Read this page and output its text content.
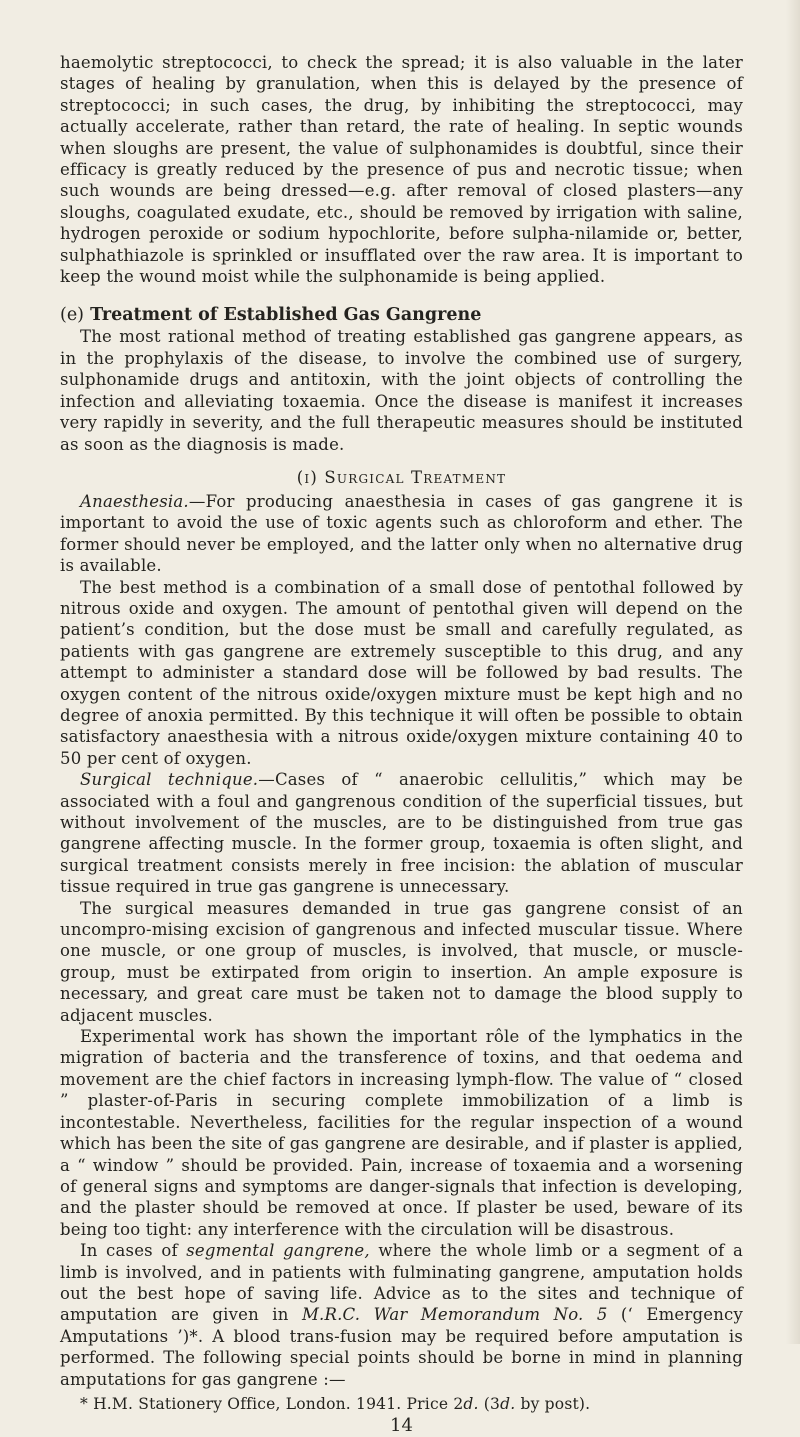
haemolytic streptococci, to check the spread; it is also valuable in the later stages of healing by granulation, when this is delayed by the presence of streptococci; in such cases, the drug, by inhibiting the streptococci, may actually accelerate, rather than retard, the rate of healing. In septic wounds when sloughs are present, the value of sulphonamides is doubtful, since their efficacy is greatly reduced by the presence of pus and necrotic tissue; when such wounds are being dressed—e.g. after removal of closed plasters—any sloughs, coagulated exudate, etc., should be removed by irrigation with saline, hydrogen peroxide or sodium hypochlorite, before sulpha-nilamide or, better, sulphathiazole is sprinkled or insufflated over the raw area. It is important to keep the wound moist while the sulphonamide is being applied.

(e) Treatment of Established Gas Gangrene

The most rational method of treating established gas gangrene appears, as in the prophylaxis of the disease, to involve the combined use of surgery, sulphonamide drugs and antitoxin, with the joint objects of controlling the infection and alleviating toxaemia. Once the disease is manifest it increases very rapidly in severity, and the full therapeutic measures should be instituted as soon as the diagnosis is made.

(i) Surgical Treatment

Anaesthesia.—For producing anaesthesia in cases of gas gangrene it is important to avoid the use of toxic agents such as chloroform and ether. The former should never be employed, and the latter only when no alternative drug is available.

The best method is a combination of a small dose of pentothal followed by nitrous oxide and oxygen. The amount of pentothal given will depend on the patient’s condition, but the dose must be small and carefully regulated, as patients with gas gangrene are extremely susceptible to this drug, and any attempt to administer a standard dose will be followed by bad results. The oxygen content of the nitrous oxide/oxygen mixture must be kept high and no degree of anoxia permitted. By this technique it will often be possible to obtain satisfactory anaesthesia with a nitrous oxide/oxygen mixture containing 40 to 50 per cent of oxygen.

Surgical technique.—Cases of “ anaerobic cellulitis,” which may be associated with a foul and gangrenous condition of the superficial tissues, but without involvement of the muscles, are to be distinguished from true gas gangrene affecting muscle. In the former group, toxaemia is often slight, and surgical treatment consists merely in free incision: the ablation of muscular tissue required in true gas gangrene is unnecessary.

The surgical measures demanded in true gas gangrene consist of an uncompro-mising excision of gangrenous and infected muscular tissue. Where one muscle, or one group of muscles, is involved, that muscle, or muscle-group, must be extirpated from origin to insertion. An ample exposure is necessary, and great care must be taken not to damage the blood supply to adjacent muscles.

Experimental work has shown the important rôle of the lymphatics in the migration of bacteria and the transference of toxins, and that oedema and movement are the chief factors in increasing lymph-flow. The value of “ closed ” plaster-of-Paris in securing complete immobilization of a limb is incontestable. Nevertheless, facilities for the regular inspection of a wound which has been the site of gas gangrene are desirable, and if plaster is applied, a “ window ” should be provided. Pain, increase of toxaemia and a worsening of general signs and symptoms are danger-signals that infection is developing, and the plaster should be removed at once. If plaster be used, beware of its being too tight: any interference with the circulation will be disastrous.

In cases of segmental gangrene, where the whole limb or a segment of a limb is involved, and in patients with fulminating gangrene, amputation holds out the best hope of saving life. Advice as to the sites and technique of amputation are given in M.R.C. War Memorandum No. 5 (‘ Emergency Amputations ’)*. A blood trans-fusion may be required before amputation is performed. The following special points should be borne in mind in planning amputations for gas gangrene :—

* H.M. Stationery Office, London. 1941. Price 2d. (3d. by post).

14
